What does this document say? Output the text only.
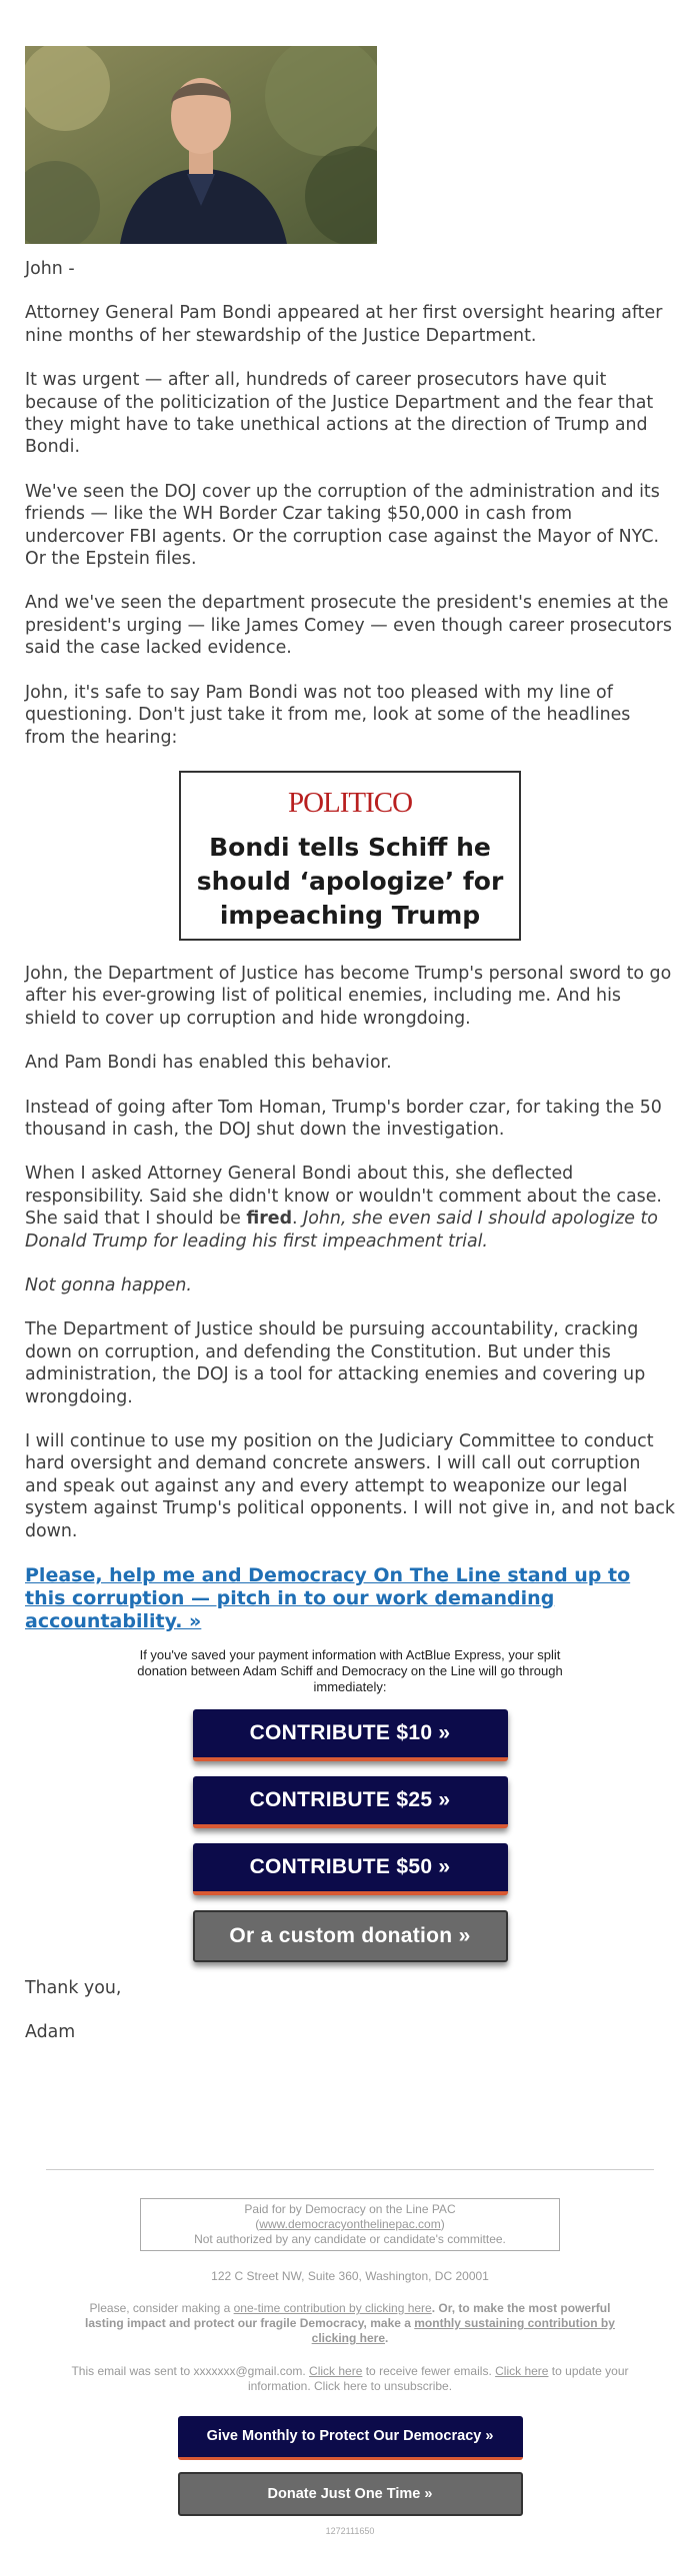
John -

Attorney General Pam Bondi appeared at her first oversight hearing after nine months of her stewardship of the Justice Department.

It was urgent — after all, hundreds of career prosecutors have quit because of the politicization of the Justice Department and the fear that they might have to take unethical actions at the direction of Trump and Bondi.

We've seen the DOJ cover up the corruption of the administration and its friends — like the WH Border Czar taking $50,000 in cash from undercover FBI agents. Or the corruption case against the Mayor of NYC. Or the Epstein files.

And we've seen the department prosecute the president's enemies at the president's urging — like James Comey — even though career prosecutors said the case lacked evidence.

John, it's safe to say Pam Bondi was not too pleased with my line of questioning. Don't just take it from me, look at some of the headlines from the hearing:

POLITICO
Bondi tells Schiff he should ‘apologize’ for impeaching Trump

John, the Department of Justice has become Trump's personal sword to go after his ever-growing list of political enemies, including me. And his shield to cover up corruption and hide wrongdoing.

And Pam Bondi has enabled this behavior.

Instead of going after Tom Homan, Trump's border czar, for taking the 50 thousand in cash, the DOJ shut down the investigation.

When I asked Attorney General Bondi about this, she deflected responsibility. Said she didn't know or wouldn't comment about the case. She said that I should be fired. John, she even said I should apologize to Donald Trump for leading his first impeachment trial.

Not gonna happen.

The Department of Justice should be pursuing accountability, cracking down on corruption, and defending the Constitution. But under this administration, the DOJ is a tool for attacking enemies and covering up wrongdoing.

I will continue to use my position on the Judiciary Committee to conduct hard oversight and demand concrete answers. I will call out corruption and speak out against any and every attempt to weaponize our legal system against Trump's political opponents. I will not give in, and not back down.

Please, help me and Democracy On The Line stand up to this corruption — pitch in to our work demanding accountability. »
If you've saved your payment information with ActBlue Express, your split donation between Adam Schiff and Democracy on the Line will go through immediately:
CONTRIBUTE $10 »
CONTRIBUTE $25 »
CONTRIBUTE $50 »
Or a custom donation »

Thank you,

Adam

Paid for by Democracy on the Line PAC
(www.democracyonthelinepac.com)
Not authorized by any candidate or candidate's committee.
122 C Street NW, Suite 360, Washington, DC 20001
Please, consider making a one-time contribution by clicking here. Or, to make the most powerful lasting impact and protect our fragile Democracy, make a monthly sustaining contribution by clicking here.
This email was sent to xxxxxxx@gmail.com. Click here to receive fewer emails. Click here to update your information. Click here to unsubscribe.
Give Monthly to Protect Our Democracy »
Donate Just One Time »
1272111650
